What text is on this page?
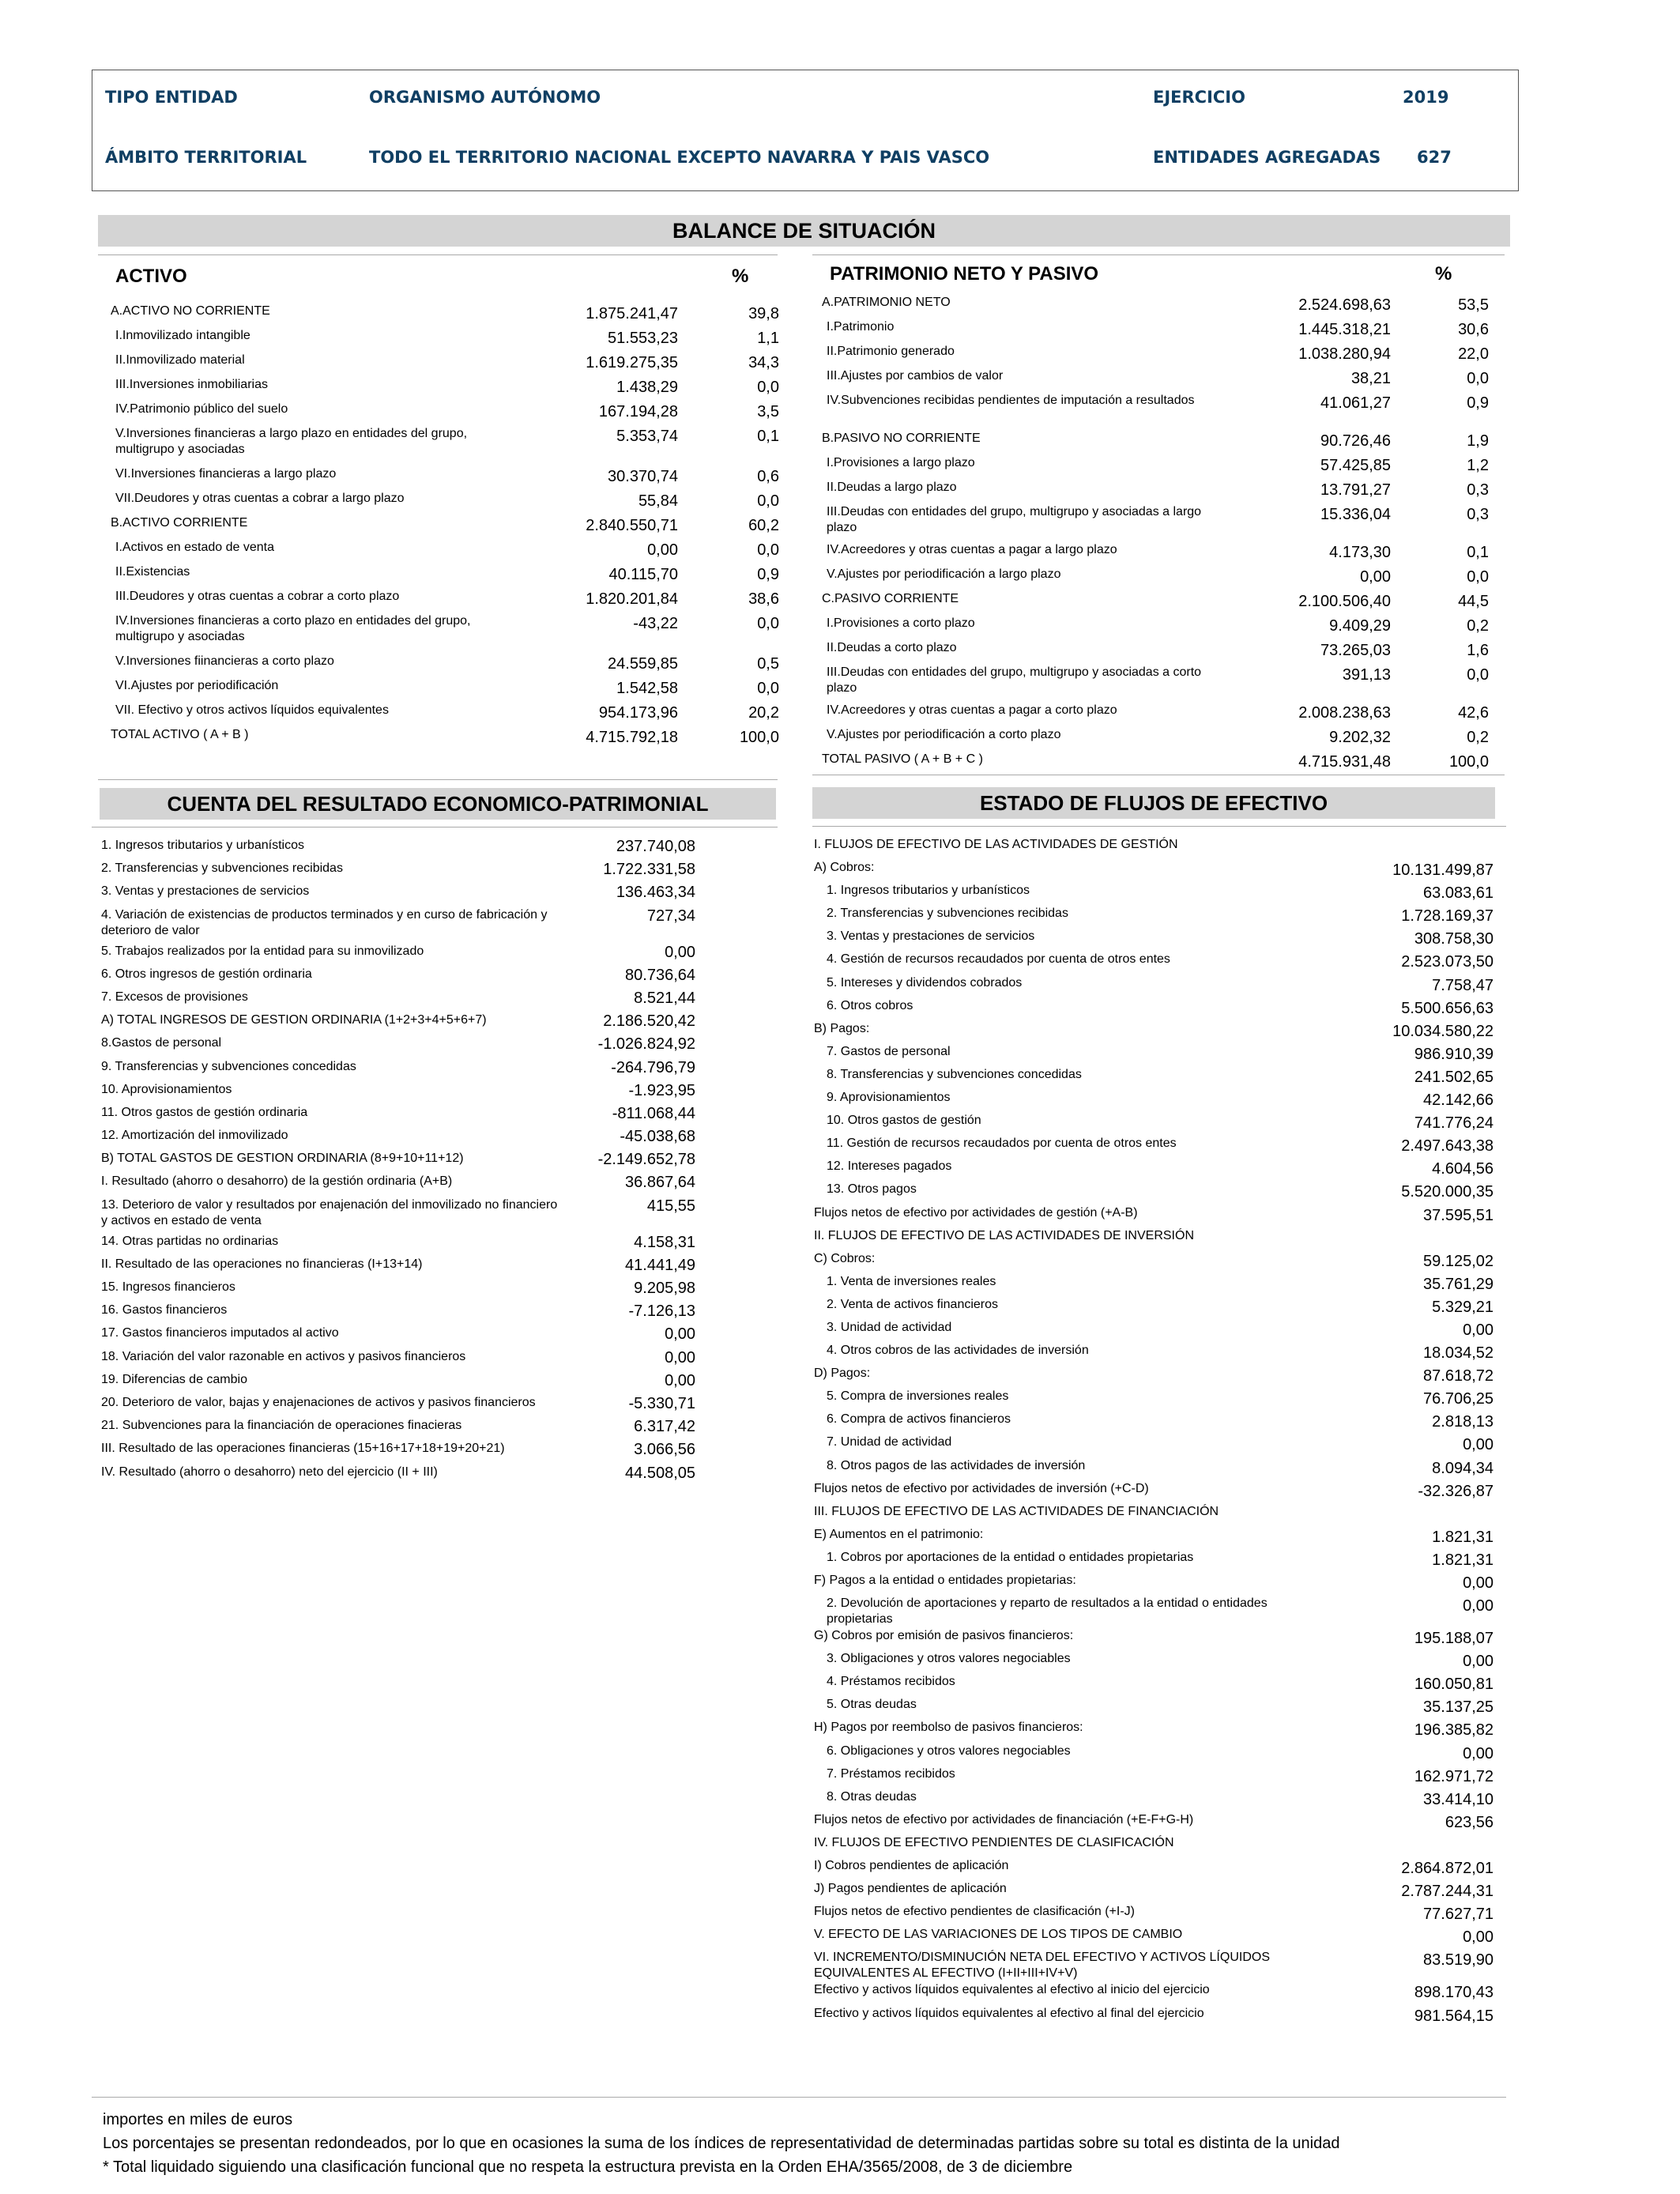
TIPO ENTIDAD	ORGANISMO AUTÓNOMO	EJERCICIO	2019
ÁMBITO TERRITORIAL	TODO EL TERRITORIO NACIONAL EXCEPTO NAVARRA Y PAIS VASCO	ENTIDADES AGREGADAS 627
BALANCE DE SITUACIÓN
ACTIVO	%	PATRIMONIO NETO Y PASIVO	%
A.ACTIVO NO CORRIENTE	1.875.241,47	39,8
I.Inmovilizado intangible	51.553,23	1,1
II.Inmovilizado material	1.619.275,35	34,3
III.Inversiones inmobiliarias	1.438,29	0,0
IV.Patrimonio público del suelo	167.194,28	3,5
V.Inversiones financieras a largo plazo en entidades del grupo, multigrupo y asociadas
5.353,74	0,1
VI.Inversiones financieras a largo plazo	30.370,74	0,6
VII.Deudores y otras cuentas a cobrar a largo plazo	55,84	0,0
B.ACTIVO CORRIENTE	2.840.550,71	60,2
I.Activos en estado de venta	0,00	0,0
II.Existencias	40.115,70	0,9
III.Deudores y otras cuentas a cobrar a corto plazo	1.820.201,84	38,6
IV.Inversiones financieras a corto plazo en entidades del grupo, multigrupo y asociadas
-43,22	0,0
V.Inversiones fiinancieras a corto plazo	24.559,85	0,5
VI.Ajustes por periodificación	1.542,58	0,0
VII. Efectivo y otros activos líquidos equivalentes	954.173,96	20,2
TOTAL ACTIVO ( A + B )	4.715.792,18	100,0
A.PATRIMONIO NETO	2.524.698,63	53,5
I.Patrimonio	1.445.318,21	30,6
II.Patrimonio generado	1.038.280,94	22,0
III.Ajustes por cambios de valor	38,21	0,0
IV.Subvenciones recibidas pendientes de imputación a resultados	41.061,27	0,9
B.PASIVO NO CORRIENTE	90.726,46	1,9
I.Provisiones a largo plazo	57.425,85	1,2
II.Deudas a largo plazo	13.791,27	0,3
III.Deudas con entidades del grupo, multigrupo y asociadas a largo plazo
15.336,04	0,3
IV.Acreedores y otras cuentas a pagar a largo plazo	4.173,30	0,1
V.Ajustes por periodificación a largo plazo	0,00	0,0
C.PASIVO CORRIENTE	2.100.506,40	44,5
I.Provisiones a corto plazo	9.409,29	0,2
II.Deudas a corto plazo	73.265,03	1,6
III.Deudas con entidades del grupo, multigrupo y asociadas a corto plazo
391,13	0,0
IV.Acreedores y otras cuentas a pagar a corto plazo	2.008.238,63	42,6
V.Ajustes por periodificación a corto plazo	9.202,32	0,2
TOTAL PASIVO ( A + B + C )	4.715.931,48	100,0
CUENTA DEL RESULTADO ECONOMICO-PATRIMONIAL
1. Ingresos tributarios y urbanísticos	237.740,08
2. Transferencias y subvenciones recibidas	1.722.331,58
3. Ventas y prestaciones de servicios	136.463,34
4. Variación de existencias de productos terminados y en curso de fabricación y deterioro de valor
727,34
5. Trabajos realizados por la entidad para su inmovilizado	0,00
6. Otros ingresos de gestión ordinaria	80.736,64
7. Excesos de provisiones	8.521,44
A) TOTAL INGRESOS DE GESTION ORDINARIA (1+2+3+4+5+6+7)	2.186.520,42
8.Gastos de personal	-1.026.824,92
9. Transferencias y subvenciones concedidas	-264.796,79
10. Aprovisionamientos	-1.923,95
11. Otros gastos de gestión ordinaria	-811.068,44
12. Amortización del inmovilizado	-45.038,68
B) TOTAL GASTOS DE GESTION ORDINARIA (8+9+10+11+12)	-2.149.652,78
I. Resultado (ahorro o desahorro) de la gestión ordinaria (A+B)	36.867,64
13. Deterioro de valor y resultados por enajenación del inmovilizado no financiero y activos en estado de venta
415,55
14. Otras partidas no ordinarias	4.158,31
II. Resultado de las operaciones no financieras (I+13+14)	41.441,49
15. Ingresos financieros	9.205,98
16. Gastos financieros	-7.126,13
17. Gastos financieros imputados al activo	0,00
18. Variación del valor razonable en activos y pasivos financieros	0,00
19. Diferencias de cambio	0,00
20. Deterioro de valor, bajas y enajenaciones de activos y pasivos financieros	-5.330,71
21. Subvenciones para la financiación de operaciones finacieras	6.317,42
III. Resultado de las operaciones financieras (15+16+17+18+19+20+21)	3.066,56
IV. Resultado (ahorro o desahorro) neto del ejercicio (II + III)	44.508,05
ESTADO DE FLUJOS DE EFECTIVO
I. FLUJOS DE EFECTIVO DE LAS ACTIVIDADES DE GESTIÓN
A) Cobros:	10.131.499,87
1. Ingresos tributarios y urbanísticos	63.083,61
2. Transferencias y subvenciones recibidas	1.728.169,37
3. Ventas y prestaciones de servicios	308.758,30
4. Gestión de recursos recaudados por cuenta de otros entes	2.523.073,50
5. Intereses y dividendos cobrados	7.758,47
6. Otros cobros	5.500.656,63
B) Pagos:	10.034.580,22
7. Gastos de personal	986.910,39
8. Transferencias y subvenciones concedidas	241.502,65
9. Aprovisionamientos	42.142,66
10. Otros gastos de gestión	741.776,24
11. Gestión de recursos recaudados por cuenta de otros entes	2.497.643,38
12. Intereses pagados	4.604,56
13. Otros pagos	5.520.000,35
Flujos netos de efectivo por actividades de gestión (+A-B)	37.595,51
II. FLUJOS DE EFECTIVO DE LAS ACTIVIDADES DE INVERSIÓN
C) Cobros:	59.125,02
1. Venta de inversiones reales	35.761,29
2. Venta de activos financieros	5.329,21
3. Unidad de actividad	0,00
4. Otros cobros de las actividades de inversión	18.034,52
D) Pagos:	87.618,72
5. Compra de inversiones reales	76.706,25
6. Compra de activos financieros	2.818,13
7. Unidad de actividad	0,00
8. Otros pagos de las actividades de inversión	8.094,34
Flujos netos de efectivo por actividades de inversión (+C-D)	-32.326,87
III. FLUJOS DE EFECTIVO DE LAS ACTIVIDADES DE FINANCIACIÓN
E) Aumentos en el patrimonio:	1.821,31
1. Cobros por aportaciones de la entidad o entidades propietarias	1.821,31
F) Pagos a la entidad o entidades propietarias:	0,00
2. Devolución de aportaciones y reparto de resultados a la entidad o entidades propietarias
0,00
G) Cobros por emisión de pasivos financieros:	195.188,07
3. Obligaciones y otros valores negociables	0,00
4. Préstamos recibidos	160.050,81
5. Otras deudas	35.137,25
H) Pagos por reembolso de pasivos financieros:	196.385,82
6. Obligaciones y otros valores negociables	0,00
7. Préstamos recibidos	162.971,72
8. Otras deudas	33.414,10
Flujos netos de efectivo por actividades de financiación (+E-F+G-H)	623,56
IV. FLUJOS DE EFECTIVO PENDIENTES DE CLASIFICACIÓN
I) Cobros pendientes de aplicación	2.864.872,01
J) Pagos pendientes de aplicación	2.787.244,31
Flujos netos de efectivo pendientes de clasificación (+I-J)	77.627,71
V. EFECTO DE LAS VARIACIONES DE LOS TIPOS DE CAMBIO	0,00
VI. INCREMENTO/DISMINUCIÓN NETA DEL EFECTIVO Y ACTIVOS LÍQUIDOS EQUIVALENTES AL EFECTIVO (I+II+III+IV+V)
83.519,90
Efectivo y activos líquidos equivalentes al efectivo al inicio del ejercicio	898.170,43
Efectivo y activos líquidos equivalentes al efectivo al final del ejercicio	981.564,15
importes en miles de euros
Los porcentajes se presentan redondeados, por lo que en ocasiones la suma de los índices de representatividad de determinadas partidas sobre su total es distinta de la unidad
* Total liquidado siguiendo una clasificación funcional que no respeta la estructura prevista en la Orden EHA/3565/2008, de 3 de diciembre
